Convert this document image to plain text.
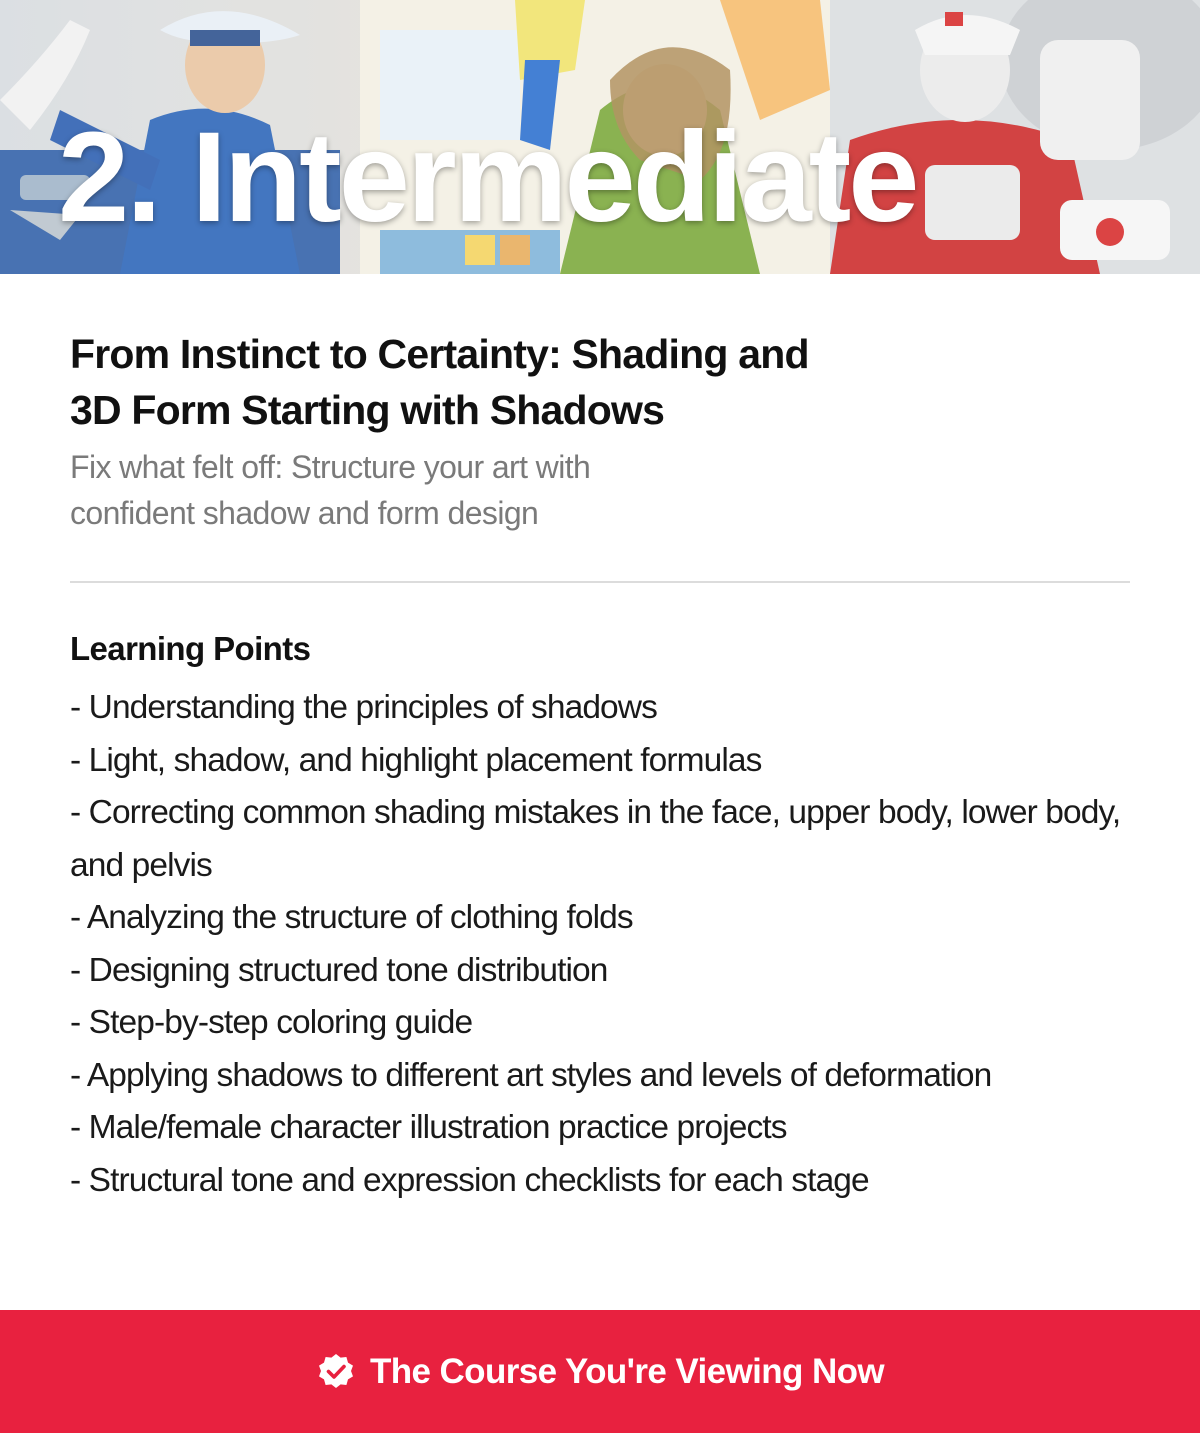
2. Intermediate
From Instinct to Certainty: Shading and 3D Form Starting with Shadows

Fix what felt off: Structure your art with confident shadow and form design

Learning Points
- Understanding the principles of shadows
- Light, shadow, and highlight placement formulas
- Correcting common shading mistakes in the face, upper body, lower body, and pelvis
- Analyzing the structure of clothing folds
- Designing structured tone distribution
- Step-by-step coloring guide
- Applying shadows to different art styles and levels of deformation
- Male/female character illustration practice projects
- Structural tone and expression checklists for each stage
The Course You're Viewing Now
